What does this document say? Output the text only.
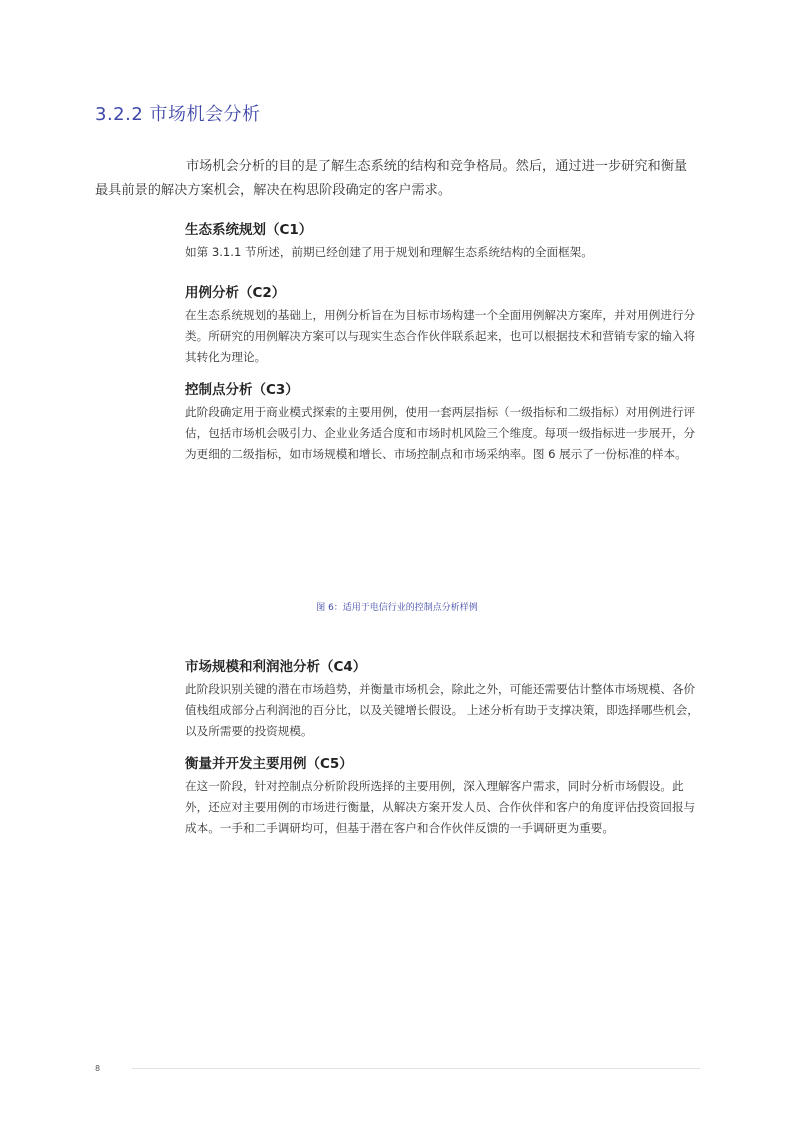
3.2.2 市场机会分析

市场机会分析的目的是了解生态系统的结构和竞争格局。然后，通过进一步研究和衡量最具前景的解决方案机会，解决在构思阶段确定的客户需求。

生态系统规划（C1）

如第 3.1.1 节所述，前期已经创建了用于规划和理解生态系统结构的全面框架。

用例分析（C2）

在生态系统规划的基础上，用例分析旨在为目标市场构建一个全面用例解决方案库，并对用例进行分类。所研究的用例解决方案可以与现实生态合作伙伴联系起来，也可以根据技术和营销专家的输入将其转化为理论。

控制点分析（C3）

此阶段确定用于商业模式探索的主要用例，使用一套两层指标（一级指标和二级指标）对用例进行评估，包括市场机会吸引力、企业业务适合度和市场时机风险三个维度。每项一级指标进一步展开，分为更细的二级指标，如市场规模和增长、市场控制点和市场采纳率。图 6 展示了一份标准的样本。

图 6：适用于电信行业的控制点分析样例

市场规模和利润池分析（C4）

此阶段识别关键的潜在市场趋势，并衡量市场机会，除此之外，可能还需要估计整体市场规模、各价值栈组成部分占利润池的百分比，以及关键增长假设。 上述分析有助于支撑决策，即选择哪些机会，以及所需要的投资规模。

衡量并开发主要用例（C5）

在这一阶段，针对控制点分析阶段所选择的主要用例，深入理解客户需求，同时分析市场假设。此外，还应对主要用例的市场进行衡量，从解决方案开发人员、合作伙伴和客户的角度评估投资回报与成本。一手和二手调研均可，但基于潜在客户和合作伙伴反馈的一手调研更为重要。

8
